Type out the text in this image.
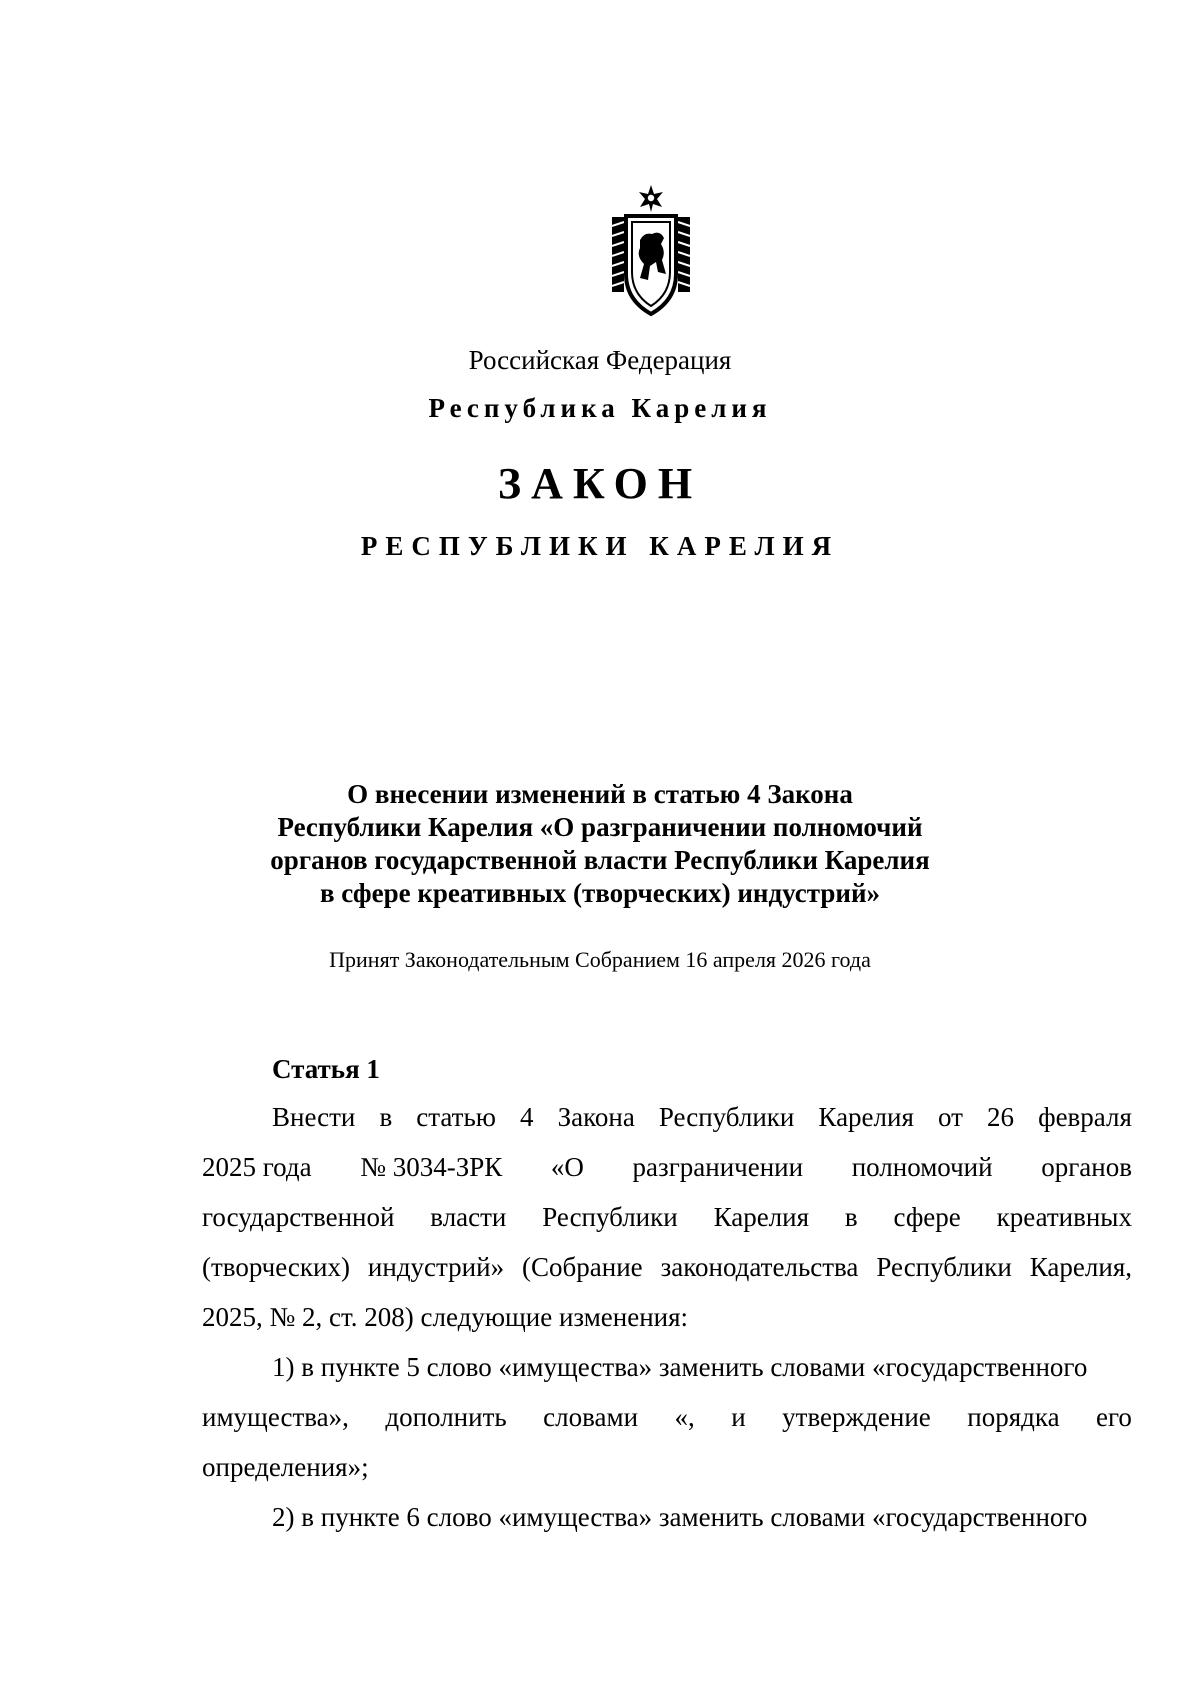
Российская Федерация
Республика Карелия
ЗАКОН
РЕСПУБЛИКИ КАРЕЛИЯ
О внесении изменений в статью 4 Закона
Республики Карелия «О разграничении полномочий
органов государственной власти Республики Карелия
в сфере креативных (творческих) индустрий»
Принят Законодательным Собранием 16 апреля 2026 года
Статья 1
Внести в статью 4 Закона Республики Карелия от 26 февраля
2025 года № 3034-ЗРК «О разграничении полномочий органов
государственной власти Республики Карелия в сфере креативных
(творческих) индустрий» (Собрание законодательства Республики Карелия,
2025, № 2, ст. 208) следующие изменения:
1) в пункте 5 слово «имущества» заменить словами «государственного
имущества», дополнить словами «, и утверждение порядка его
определения»;
2) в пункте 6 слово «имущества» заменить словами «государственного
